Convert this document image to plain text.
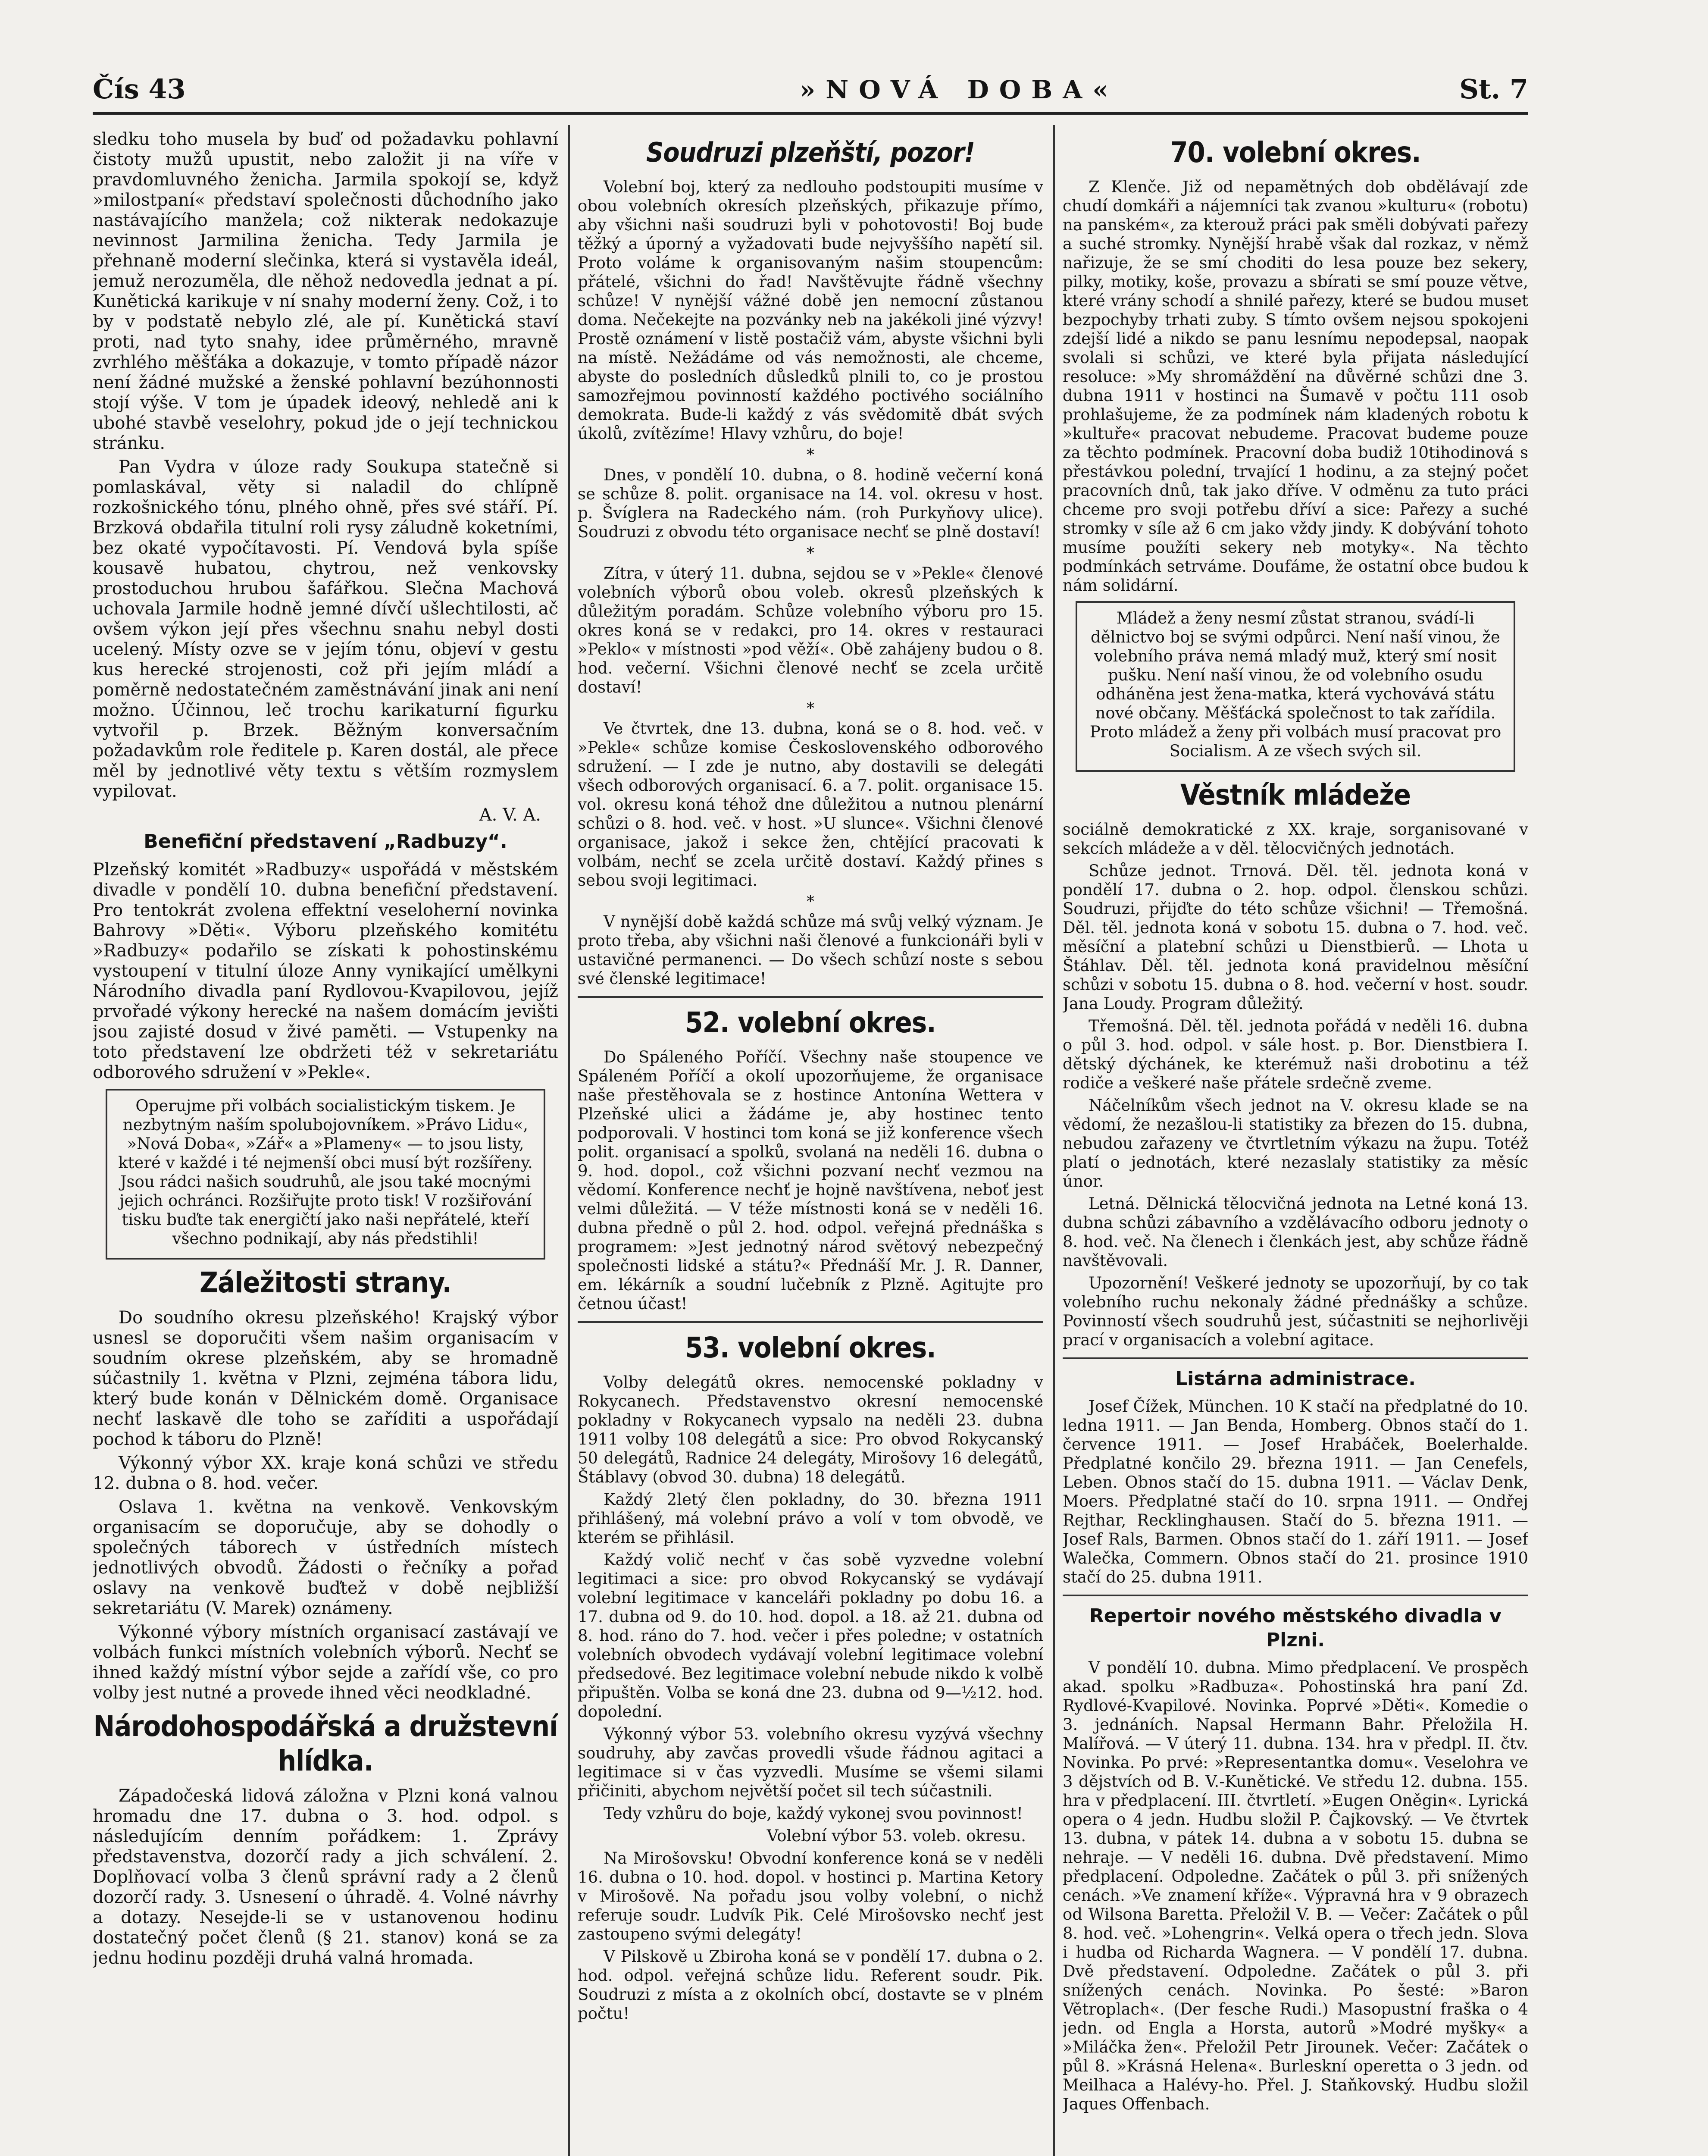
Čís 43	»NOVÁ DOBA«	St. 7

sledku toho musela by buď od požadavku pohlavní čistoty mužů upustit, nebo založit ji na víře v pravdomluvného ženicha. Jarmila spokojí se, když »milostpaní« představí společnosti důchodního jako nastávajícího manžela; což nikterak nedokazuje nevinnost Jarmilina ženicha. Tedy Jarmila je přehnaně moderní slečinka, která si vystavěla ideál, jemuž nerozuměla, dle něhož nedovedla jednat a pí. Kunětická karikuje v ní snahy moderní ženy. Což, i to by v podstatě nebylo zlé, ale pí. Kunětická staví proti, nad tyto snahy, idee průměrného, mravně zvrhlého měšťáka a dokazuje, v tomto případě názor není žádné mužské a ženské pohlavní bezúhonnosti stojí výše. V tom je úpadek ideový, nehledě ani k ubohé stavbě veselohry, pokud jde o její technickou stránku.

Pan Vydra v úloze rady Soukupa statečně si pomlaskával, věty si naladil do chlípně rozkošnického tónu, plného ohně, přes své stáří. Pí. Brzková obdařila titulní roli rysy záludně koketními, bez okaté vypočítavosti. Pí. Vendová byla spíše kousavě hubatou, chytrou, než venkovsky prostoduchou hrubou šafářkou. Slečna Machová uchovala Jarmile hodně jemné dívčí ušlechtilosti, ač ovšem výkon její přes všechnu snahu nebyl dosti ucelený. Místy ozve se v jejím tónu, objeví v gestu kus herecké strojenosti, což při jejím mládí a poměrně nedostatečném zaměstnávání jinak ani není možno. Účinnou, leč trochu karikaturní figurku vytvořil p. Brzek. Běžným konversačním požadavkům role ředitele p. Karen dostál, ale přece měl by jednotlivé věty textu s větším rozmyslem vypilovat.

A. V. A.

Benefiční představení „Radbuzy“.

Plzeňský komitét »Radbuzy« uspořádá v městském divadle v pondělí 10. dubna benefiční představení. Pro tentokrát zvolena effektní veseloherní novinka Bahrovy »Děti«. Výboru plzeňského komitétu »Radbuzy« podařilo se získati k pohostinskému vystoupení v titulní úloze Anny vynikající umělkyni Národního divadla paní Rydlovou-Kvapilovou, jejíž prvořadé výkony herecké na našem domácím jevišti jsou zajisté dosud v živé paměti. — Vstupenky na toto představení lze obdržeti též v sekretariátu odborového sdružení v »Pekle«.

Operujme při volbách socialistickým tiskem. Je nezbytným naším spolubojovníkem. »Právo Lidu«, »Nová Doba«, »Zář« a »Plameny« — to jsou listy, které v každé i té nejmenší obci musí být rozšířeny. Jsou rádci našich soudruhů, ale jsou také mocnými jejich ochránci. Rozšiřujte proto tisk! V rozšiřování tisku buďte tak energičtí jako naši nepřátelé, kteří všechno podnikají, aby nás předstihli!

Záležitosti strany.

Do soudního okresu plzeňského! Krajský výbor usnesl se doporučiti všem našim organisacím v soudním okrese plzeňském, aby se hromadně súčastnily 1. května v Plzni, zejména tábora lidu, který bude konán v Dělnickém domě. Organisace nechť laskavě dle toho se zaříditi a uspořádají pochod k táboru do Plzně!

Výkonný výbor XX. kraje koná schůzi ve středu 12. dubna o 8. hod. večer.

Oslava 1. května na venkově. Venkovským organisacím se doporučuje, aby se dohodly o společných táborech v ústředních místech jednotlivých obvodů. Žádosti o řečníky a pořad oslavy na venkově buďtež v době nejbližší sekretariátu (V. Marek) oznámeny.

Výkonné výbory místních organisací zastávají ve volbách funkci místních volebních výborů. Nechť se ihned každý místní výbor sejde a zařídí vše, co pro volby jest nutné a provede ihned věci neodkladné.

Národohospodářská a družstevní hlídka.

Západočeská lidová záložna v Plzni koná valnou hromadu dne 17. dubna o 3. hod. odpol. s následujícím denním pořádkem: 1. Zprávy představenstva, dozorčí rady a jich schválení. 2. Doplňovací volba 3 členů správní rady a 2 členů dozorčí rady. 3. Usnesení o úhradě. 4. Volné návrhy a dotazy. Nesejde-li se v ustanovenou hodinu dostatečný počet členů (§ 21. stanov) koná se za jednu hodinu později druhá valná hromada.

Soudruzi plzeňští, pozor!

Volební boj, který za nedlouho podstoupiti musíme v obou volebních okresích plzeňských, přikazuje přímo, aby všichni naši soudruzi byli v pohotovosti! Boj bude těžký a úporný a vyžadovati bude nejvyššího napětí sil. Proto voláme k organisovaným našim stoupencům: přátelé, všichni do řad! Navštěvujte řádně všechny schůze! V nynější vážné době jen nemocní zůstanou doma. Nečekejte na pozvánky neb na jakékoli jiné výzvy! Prostě oznámení v listě postačiž vám, abyste všichni byli na místě. Nežádáme od vás nemožnosti, ale chceme, abyste do posledních důsledků plnili to, co je prostou samozřejmou povinností každého poctivého sociálního demokrata. Bude-li každý z vás svědomitě dbát svých úkolů, zvítězíme! Hlavy vzhůru, do boje!

*

Dnes, v pondělí 10. dubna, o 8. hodině večerní koná se schůze 8. polit. organisace na 14. vol. okresu v host. p. Švíglera na Radeckého nám. (roh Purkyňovy ulice). Soudruzi z obvodu této organisace nechť se plně dostaví!

*

Zítra, v úterý 11. dubna, sejdou se v »Pekle« členové volebních výborů obou voleb. okresů plzeňských k důležitým poradám. Schůze volebního výboru pro 15. okres koná se v redakci, pro 14. okres v restauraci »Peklo« v místnosti »pod věží«. Obě zahájeny budou o 8. hod. večerní. Všichni členové nechť se zcela určitě dostaví!

*

Ve čtvrtek, dne 13. dubna, koná se o 8. hod. več. v »Pekle« schůze komise Československého odborového sdružení. — I zde je nutno, aby dostavili se delegáti všech odborových organisací. 6. a 7. polit. organisace 15. vol. okresu koná téhož dne důležitou a nutnou plenární schůzi o 8. hod. več. v host. »U slunce«. Všichni členové organisace, jakož i sekce žen, chtějící pracovati k volbám, nechť se zcela určitě dostaví. Každý přines s sebou svoji legitimaci.

*

V nynější době každá schůze má svůj velký význam. Je proto třeba, aby všichni naši členové a funkcionáři byli v ustavičné permanenci. — Do všech schůzí noste s sebou své členské legitimace!

52. volební okres.

Do Spáleného Poříčí. Všechny naše stoupence ve Spáleném Poříčí a okolí upozorňujeme, že organisace naše přestěhovala se z hostince Antonína Wettera v Plzeňské ulici a žádáme je, aby hostinec tento podporovali. V hostinci tom koná se již konference všech polit. organisací a spolků, svolaná na neděli 16. dubna o 9. hod. dopol., což všichni pozvaní nechť vezmou na vědomí. Konference nechť je hojně navštívena, neboť jest velmi důležitá. — V téže místnosti koná se v neděli 16. dubna předně o půl 2. hod. odpol. veřejná přednáška s programem: »Jest jednotný národ světový nebezpečný společnosti lidské a státu?« Přednáší Mr. J. R. Danner, em. lékárník a soudní lučebník z Plzně. Agitujte pro četnou účast!

53. volební okres.

Volby delegátů okres. nemocenské pokladny v Rokycanech. Představenstvo okresní nemocenské pokladny v Rokycanech vypsalo na neděli 23. dubna 1911 volby 108 delegátů a sice: Pro obvod Rokycanský 50 delegátů, Radnice 24 delegáty, Mirošovy 16 delegátů, Štáblavy (obvod 30. dubna) 18 delegátů.

Každý 2letý člen pokladny, do 30. března 1911 přihlášený, má volební právo a volí v tom obvodě, ve kterém se přihlásil.

Každý volič nechť v čas sobě vyzvedne volební legitimaci a sice: pro obvod Rokycanský se vydávají volební legitimace v kanceláři pokladny po dobu 16. a 17. dubna od 9. do 10. hod. dopol. a 18. až 21. dubna od 8. hod. ráno do 7. hod. večer i přes poledne; v ostatních volebních obvodech vydávají volební legitimace volební předsedové. Bez legitimace volební nebude nikdo k volbě připuštěn. Volba se koná dne 23. dubna od 9—½12. hod. dopolední.

Výkonný výbor 53. volebního okresu vyzývá všechny soudruhy, aby zavčas provedli všude řádnou agitaci a legitimace si v čas vyzvedli. Musíme se všemi silami přičiniti, abychom největší počet sil tech súčastnili.

Tedy vzhůru do boje, každý vykonej svou povinnost!

Volební výbor 53. voleb. okresu.

Na Mirošovsku! Obvodní konference koná se v neděli 16. dubna o 10. hod. dopol. v hostinci p. Martina Ketory v Mirošově. Na pořadu jsou volby volební, o nichž referuje soudr. Ludvík Pik. Celé Mirošovsko nechť jest zastoupeno svými delegáty!

V Pilskově u Zbiroha koná se v pondělí 17. dubna o 2. hod. odpol. veřejná schůze lidu. Referent soudr. Pik. Soudruzi z místa a z okolních obcí, dostavte se v plném počtu!

70. volební okres.

Z Klenče. Již od nepamětných dob obdělávají zde chudí domkáři a nájemníci tak zvanou »kulturu« (robotu) na panském«, za kterouž práci pak směli dobývati pařezy a suché stromky. Nynější hrabě však dal rozkaz, v němž nařizuje, že se smí choditi do lesa pouze bez sekery, pilky, motiky, koše, provazu a sbírati se smí pouze větve, které vrány schodí a shnilé pařezy, které se budou muset bezpochyby trhati zuby. S tímto ovšem nejsou spokojeni zdejší lidé a nikdo se panu lesnímu nepodepsal, naopak svolali si schůzi, ve které byla přijata následující resoluce: »My shromáždění na důvěrné schůzi dne 3. dubna 1911 v hostinci na Šumavě v počtu 111 osob prohlašujeme, že za podmínek nám kladených robotu k »kultuře« pracovat nebudeme. Pracovat budeme pouze za těchto podmínek. Pracovní doba budiž 10tihodinová s přestávkou polední, trvající 1 hodinu, a za stejný počet pracovních dnů, tak jako dříve. V odměnu za tuto práci chceme pro svoji potřebu dříví a sice: Pařezy a suché stromky v síle až 6 cm jako vždy jindy. K dobývání tohoto musíme použíti sekery neb motyky«. Na těchto podmínkách setrváme. Doufáme, že ostatní obce budou k nám solidární.

Mládež a ženy nesmí zůstat stranou, svádí-li dělnictvo boj se svými odpůrci. Není naší vinou, že volebního práva nemá mladý muž, který smí nosit pušku. Není naší vinou, že od volebního osudu odháněna jest žena-matka, která vychovává státu nové občany. Měšťácká společnost to tak zařídila. Proto mládež a ženy při volbách musí pracovat pro Socialism. A ze všech svých sil.

Věstník mládeže

sociálně demokratické z XX. kraje, sorganisované v sekcích mládeže a v děl. tělocvičných jednotách.

Schůze jednot. Trnová. Děl. těl. jednota koná v pondělí 17. dubna o 2. hop. odpol. členskou schůzi. Soudruzi, přijďte do této schůze všichni! — Třemošná. Děl. těl. jednota koná v sobotu 15. dubna o 7. hod. več. měsíční a platební schůzi u Dienstbierů. — Lhota u Štáhlav. Děl. těl. jednota koná pravidelnou měsíční schůzi v sobotu 15. dubna o 8. hod. večerní v host. soudr. Jana Loudy. Program důležitý.

Třemošná. Děl. těl. jednota pořádá v neděli 16. dubna o půl 3. hod. odpol. v sále host. p. Bor. Dienstbiera I. dětský dýchánek, ke kterémuž naši drobotinu a též rodiče a veškeré naše přátele srdečně zveme.

Náčelníkům všech jednot na V. okresu klade se na vědomí, že nezašlou-li statistiky za březen do 15. dubna, nebudou zařazeny ve čtvrtletním výkazu na župu. Totéž platí o jednotách, které nezaslaly statistiky za měsíc únor.

Letná. Dělnická tělocvičná jednota na Letné koná 13. dubna schůzi zábavního a vzdělávacího odboru jednoty o 8. hod. več. Na členech i členkách jest, aby schůze řádně navštěvovali.

Upozornění! Veškeré jednoty se upozorňují, by co tak volebního ruchu nekonaly žádné přednášky a schůze. Povinností všech soudruhů jest, súčastniti se nejhorlivěji prací v organisacích a volební agitace.

Listárna administrace.

Josef Čížek, München. 10 K stačí na předplatné do 10. ledna 1911. — Jan Benda, Homberg. Obnos stačí do 1. července 1911. — Josef Hrabáček, Boelerhalde. Předplatné končilo 29. března 1911. — Jan Cenefels, Leben. Obnos stačí do 15. dubna 1911. — Václav Denk, Moers. Předplatné stačí do 10. srpna 1911. — Ondřej Rejthar, Recklinghausen. Stačí do 5. března 1911. — Josef Rals, Barmen. Obnos stačí do 1. září 1911. — Josef Walečka, Commern. Obnos stačí do 21. prosince 1910 stačí do 25. dubna 1911.

Repertoir nového městského divadla v Plzni.

V pondělí 10. dubna. Mimo předplacení. Ve prospěch akad. spolku »Radbuza«. Pohostinská hra paní Zd. Rydlové-Kvapilové. Novinka. Poprvé »Děti«. Komedie o 3. jednáních. Napsal Hermann Bahr. Přeložila H. Malířová. — V úterý 11. dubna. 134. hra v předpl. II. čtv. Novinka. Po prvé: »Representantka domu«. Veselohra ve 3 dějstvích od B. V.-Kunětické. Ve středu 12. dubna. 155. hra v předplacení. III. čtvrtletí. »Eugen Oněgin«. Lyrická opera o 4 jedn. Hudbu složil P. Čajkovský. — Ve čtvrtek 13. dubna, v pátek 14. dubna a v sobotu 15. dubna se nehraje. — V neděli 16. dubna. Dvě představení. Mimo předplacení. Odpoledne. Začátek o půl 3. při snížených cenách. »Ve znamení kříže«. Výpravná hra v 9 obrazech od Wilsona Baretta. Přeložil V. B. — Večer: Začátek o půl 8. hod. več. »Lohengrin«. Velká opera o třech jedn. Slova i hudba od Richarda Wagnera. — V pondělí 17. dubna. Dvě představení. Odpoledne. Začátek o půl 3. při snížených cenách. Novinka. Po šesté: »Baron Větroplach«. (Der fesche Rudi.) Masopustní fraška o 4 jedn. od Engla a Horsta, autorů »Modré myšky« a »Miláčka žen«. Přeložil Petr Jirounek. Večer: Začátek o půl 8. »Krásná Helena«. Burleskní operetta o 3 jedn. od Meilhaca a Halévy-ho. Přel. J. Staňkovský. Hudbu složil Jaques Offenbach.
